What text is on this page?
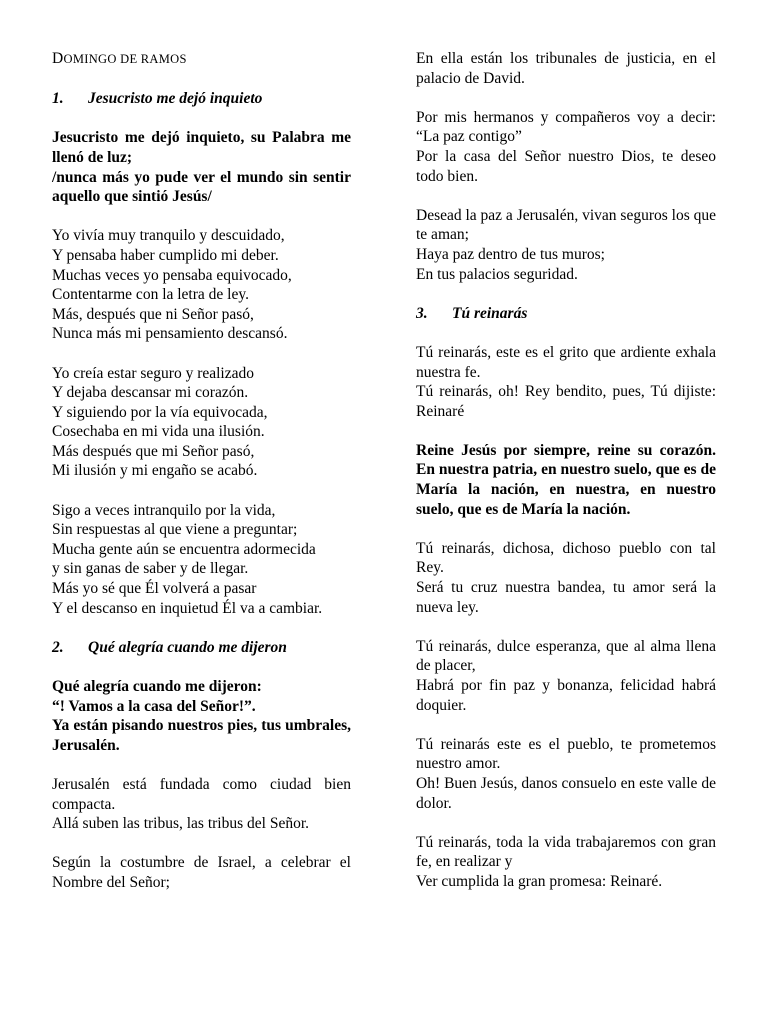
DOMINGO DE RAMOS
1. Jesucristo me dejó inquieto
Jesucristo me dejó inquieto, su Palabra me llenó de luz;
/nunca más yo pude ver el mundo sin sentir aquello que sintió Jesús/
Yo vivía muy tranquilo y descuidado,
Y pensaba haber cumplido mi deber.
Muchas veces yo pensaba equivocado,
Contentarme con la letra de ley.
Más, después que ni Señor pasó,
Nunca más mi pensamiento descansó.
Yo creía estar seguro y realizado
Y dejaba descansar mi corazón.
Y siguiendo por la vía equivocada,
Cosechaba en mi vida una ilusión.
Más después que mi Señor pasó,
Mi ilusión y mi engaño se acabó.
Sigo a veces intranquilo por la vida,
Sin respuestas al que viene a preguntar;
Mucha gente aún se encuentra adormecida
y sin ganas de saber y de llegar.
Más yo sé que Él volverá a pasar
Y el descanso en inquietud Él va a cambiar.
2. Qué alegría cuando me dijeron
Qué alegría cuando me dijeron:
“! Vamos a la casa del Señor!”.
Ya están pisando nuestros pies, tus umbrales, Jerusalén.
Jerusalén está fundada como ciudad bien compacta.
Allá suben las tribus, las tribus del Señor.
Según la costumbre de Israel, a celebrar el Nombre del Señor;
En ella están los tribunales de justicia, en el palacio de David.
Por mis hermanos y compañeros voy a decir: “La paz contigo”
Por la casa del Señor nuestro Dios, te deseo todo bien.
Desead la paz a Jerusalén, vivan seguros los que te aman;
Haya paz dentro de tus muros;
En tus palacios seguridad.
3. Tú reinarás
Tú reinarás, este es el grito que ardiente exhala nuestra fe.
Tú reinarás, oh! Rey bendito, pues, Tú dijiste: Reinaré
Reine Jesús por siempre, reine su corazón. En nuestra patria, en nuestro suelo, que es de María la nación, en nuestra, en nuestro suelo, que es de María la nación.
Tú reinarás, dichosa, dichoso pueblo con tal Rey.
Será tu cruz nuestra bandea, tu amor será la nueva ley.
Tú reinarás, dulce esperanza, que al alma llena de placer,
Habrá por fin paz y bonanza, felicidad habrá doquier.
Tú reinarás este es el pueblo, te prometemos nuestro amor.
Oh! Buen Jesús, danos consuelo en este valle de dolor.
Tú reinarás, toda la vida trabajaremos con gran fe, en realizar y
Ver cumplida la gran promesa: Reinaré.
